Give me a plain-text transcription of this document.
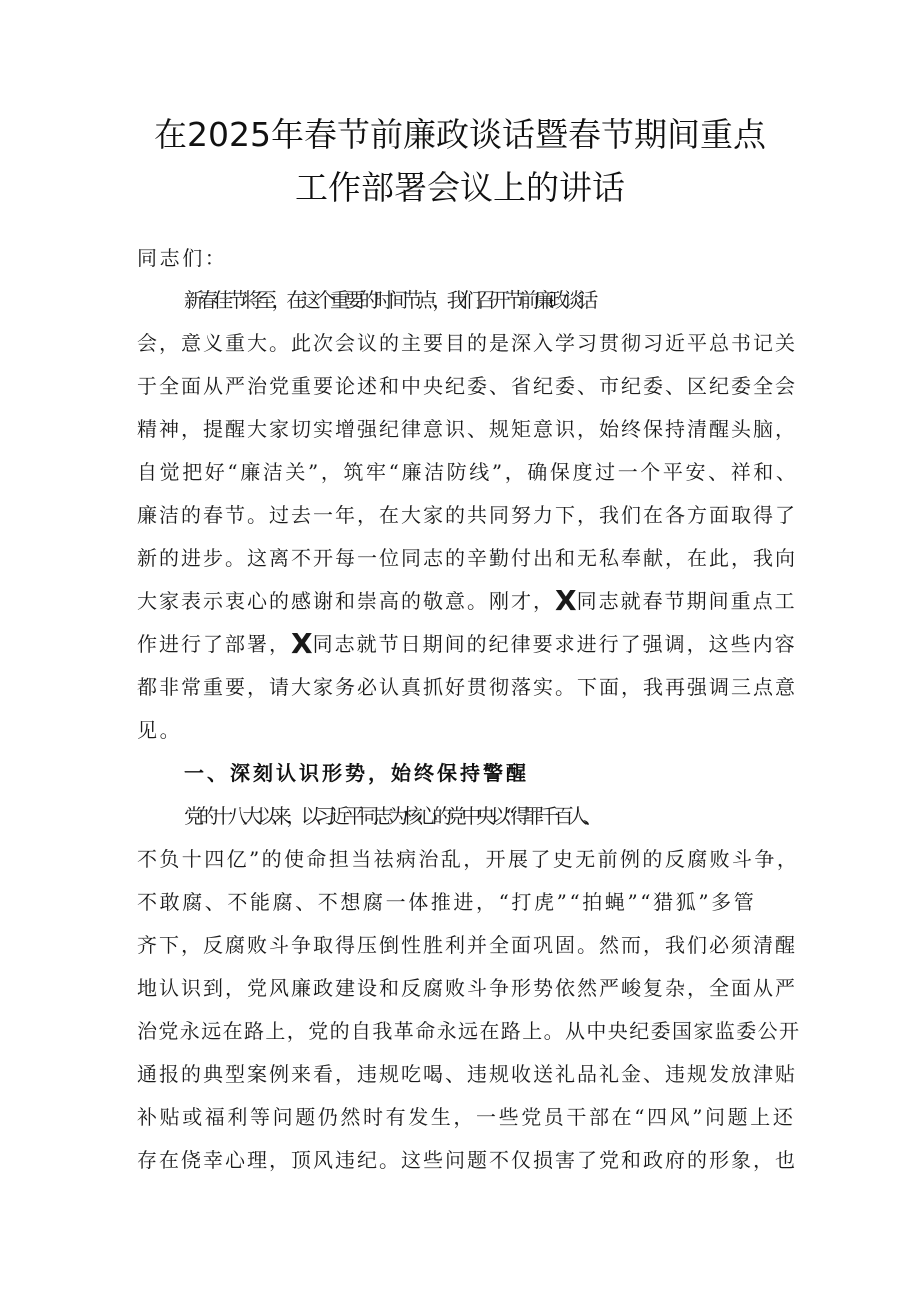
在2025年春节前廉政谈话暨春节期间重点
工作部署会议上的讲话
同志们：
新春佳节将至，在这个重要的时间节点，我们召开节前廉政谈话
会，意义重大。此次会议的主要目的是深入学习贯彻习近平总书记关
于全面从严治党重要论述和中央纪委、省纪委、市纪委、区纪委全会
精神，提醒大家切实增强纪律意识、规矩意识，始终保持清醒头脑，
自觉把好“廉洁关”，筑牢“廉洁防线”，确保度过一个平安、祥和、
廉洁的春节。过去一年，在大家的共同努力下，我们在各方面取得了
新的进步。这离不开每一位同志的辛勤付出和无私奉献，在此，我向
大家表示衷心的感谢和崇高的敬意。刚才，X同志就春节期间重点工
作进行了部署，X同志就节日期间的纪律要求进行了强调，这些内容
都非常重要，请大家务必认真抓好贯彻落实。下面，我再强调三点意
见。
一、深刻认识形势，始终保持警醒
党的十八大以来，以习近平同志为核心的党中央以“得罪千百人、
不负十四亿”的使命担当祛病治乱，开展了史无前例的反腐败斗争，
不敢腐、不能腐、不想腐一体推进，“打虎”“拍蝇”“猎狐”多管
齐下，反腐败斗争取得压倒性胜利并全面巩固。然而，我们必须清醒
地认识到，党风廉政建设和反腐败斗争形势依然严峻复杂，全面从严
治党永远在路上，党的自我革命永远在路上。从中央纪委国家监委公开
通报的典型案例来看，违规吃喝、违规收送礼品礼金、违规发放津贴
补贴或福利等问题仍然时有发生，一些党员干部在“四风”问题上还
存在侥幸心理，顶风违纪。这些问题不仅损害了党和政府的形象，也
